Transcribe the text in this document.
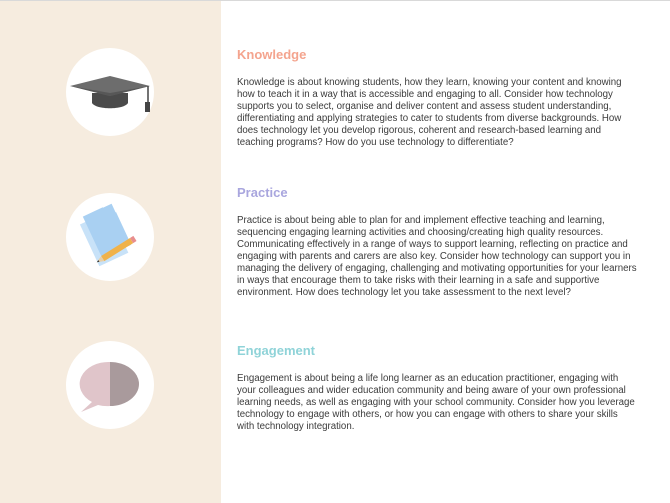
Knowledge

Knowledge is about knowing students, how they learn, knowing your content and knowing how to teach it in a way that is accessible and engaging to all. Consider how technology supports you to select, organise and deliver content and assess student understanding, differentiating and applying strategies to cater to students from diverse backgrounds. How does technology let you develop rigorous, coherent and research-based learning and teaching programs? How do you use technology to differentiate?

Practice

Practice is about being able to plan for and implement effective teaching and learning, sequencing engaging learning activities and choosing/creating high quality resources. Communicating effectively in a range of ways to support learning, reflecting on practice and engaging with parents and carers are also key. Consider how technology can support you in managing the delivery of engaging, challenging and motivating opportunities for your learners in ways that encourage them to take risks with their learning in a safe and supportive environment. How does technology let you take assessment to the next level?

Engagement

Engagement is about being a life long learner as an education practitioner, engaging with your colleagues and wider education community and being aware of your own professional learning needs, as well as engaging with your school community. Consider how you leverage technology to engage with others, or how you can engage with others to share your skills with technology integration.
